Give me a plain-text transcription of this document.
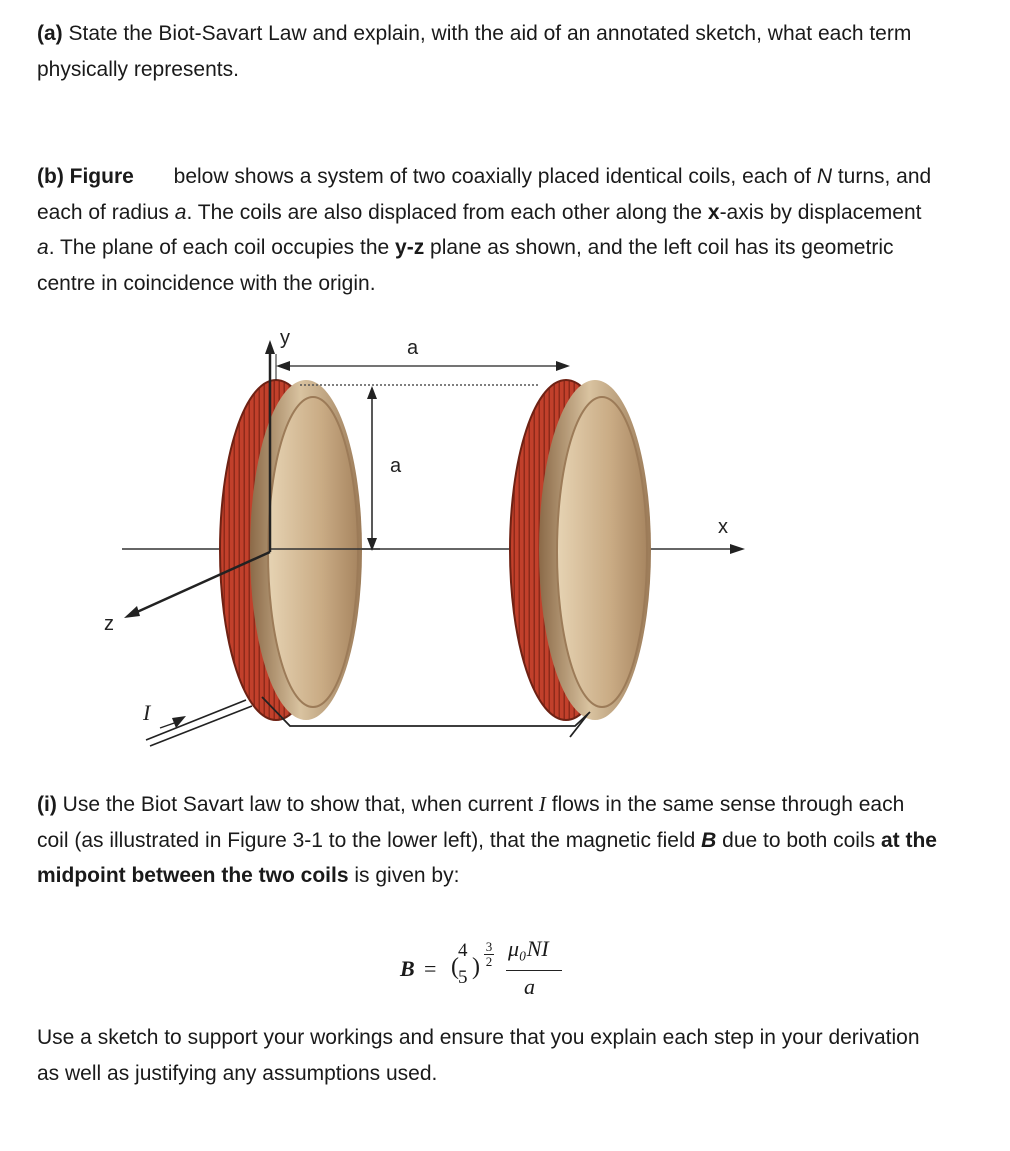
(a) State the Biot-Savart Law and explain, with the aid of an annotated sketch, what each term physically represents.
(b) Figure below shows a system of two coaxially placed identical coils, each of N turns, and each of radius a. The coils are also displaced from each other along the x-axis by displacement a. The plane of each coil occupies the y-z plane as shown, and the left coil has its geometric centre in coincidence with the origin.
y
z
x
a
a
I
(i) Use the Biot Savart law to show that, when current I flows in the same sense through each coil (as illustrated in Figure 3-1 to the lower left), that the magnetic field B due to both coils at the midpoint between the two coils is given by:
B = (
4
5 )
3
2
μ₀NI
a
Use a sketch to support your workings and ensure that you explain each step in your derivation as well as justifying any assumptions used.
